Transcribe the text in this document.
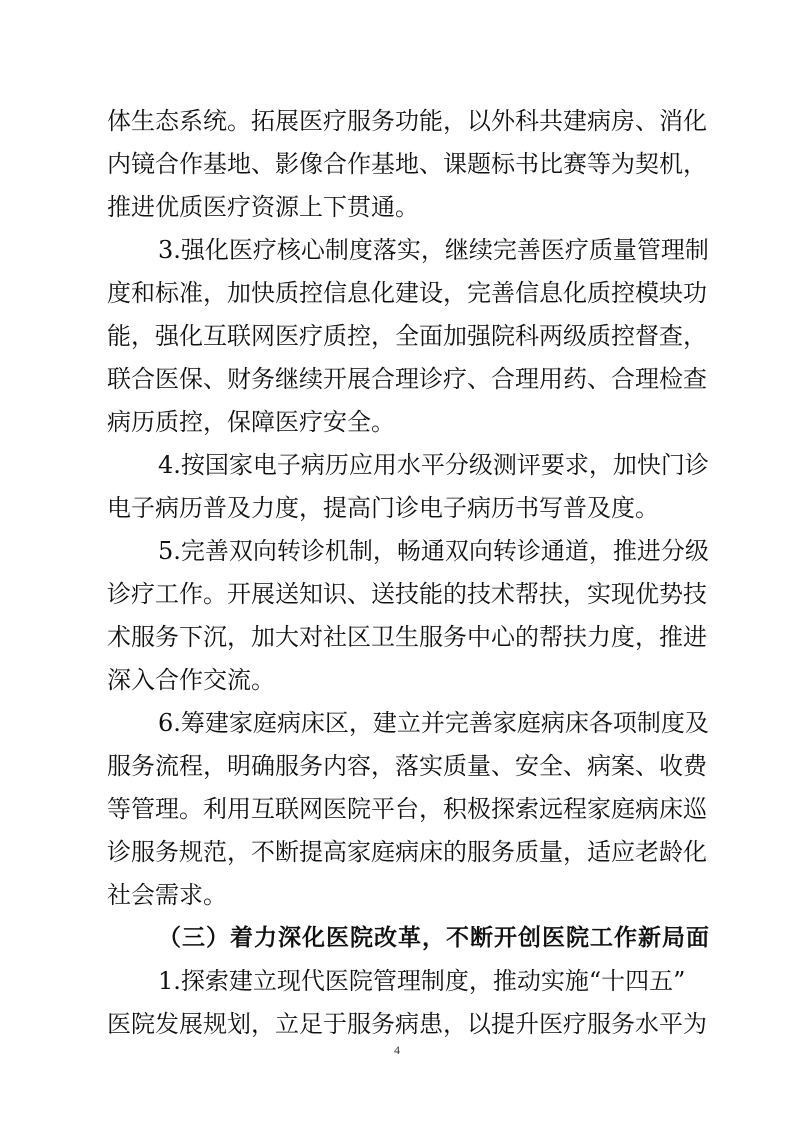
体生态系统。拓展医疗服务功能，以外科共建病房、消化
内镜合作基地、影像合作基地、课题标书比赛等为契机，
推进优质医疗资源上下贯通。
3.强化医疗核心制度落实，继续完善医疗质量管理制
度和标准，加快质控信息化建设，完善信息化质控模块功
能，强化互联网医疗质控，全面加强院科两级质控督查，
联合医保、财务继续开展合理诊疗、合理用药、合理检查
病历质控，保障医疗安全。
4.按国家电子病历应用水平分级测评要求，加快门诊
电子病历普及力度，提高门诊电子病历书写普及度。
5.完善双向转诊机制，畅通双向转诊通道，推进分级
诊疗工作。开展送知识、送技能的技术帮扶，实现优势技
术服务下沉，加大对社区卫生服务中心的帮扶力度，推进
深入合作交流。
6.筹建家庭病床区，建立并完善家庭病床各项制度及
服务流程，明确服务内容，落实质量、安全、病案、收费
等管理。利用互联网医院平台，积极探索远程家庭病床巡
诊服务规范，不断提高家庭病床的服务质量，适应老龄化
社会需求。
（三）着力深化医院改革，不断开创医院工作新局面
1.探索建立现代医院管理制度，推动实施“十四五”
医院发展规划，立足于服务病患，以提升医疗服务水平为
4
